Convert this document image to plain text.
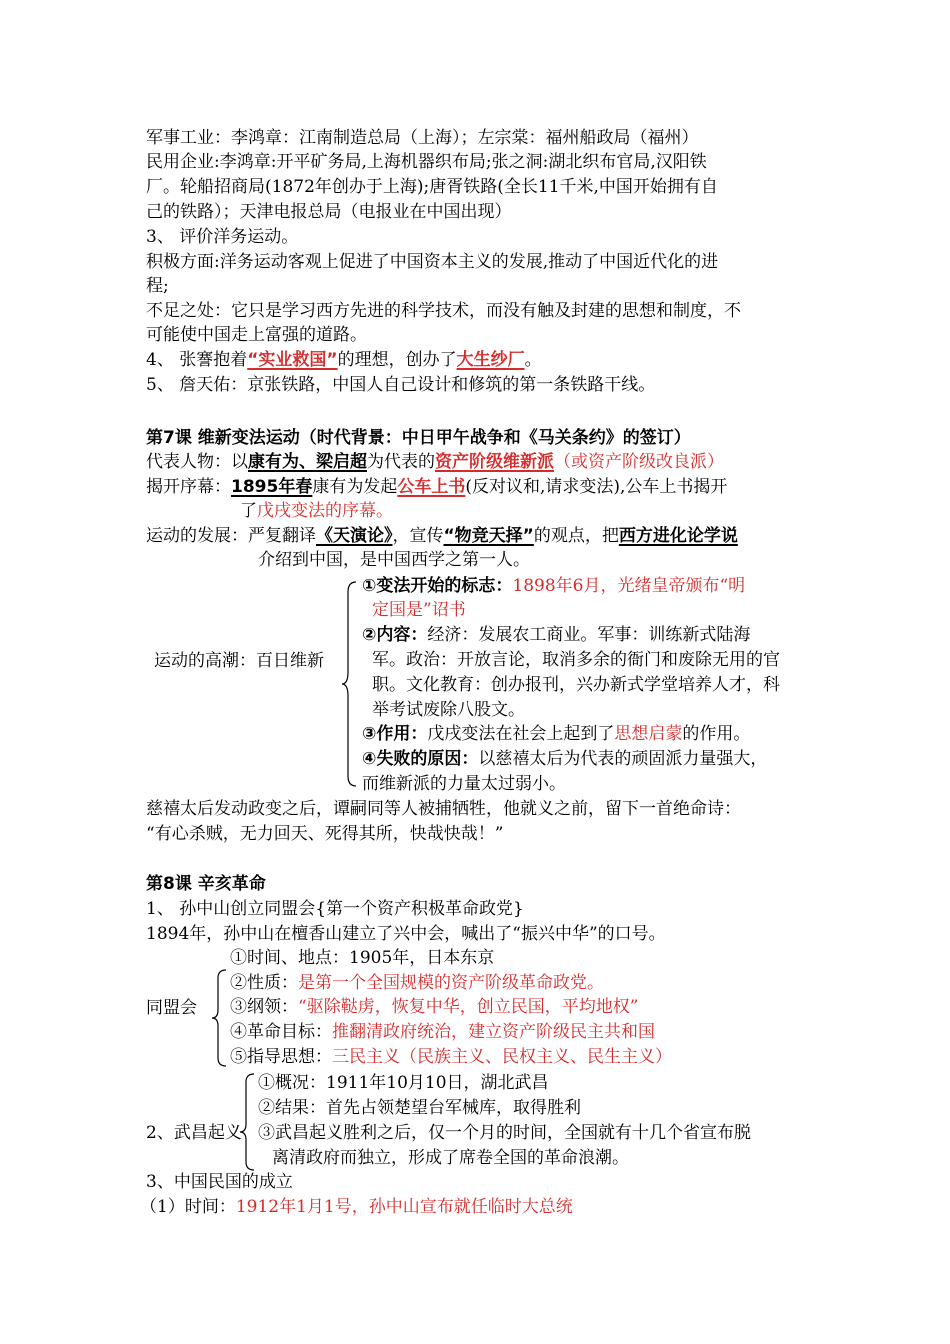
军事工业：李鸿章：江南制造总局（上海）；左宗棠：福州船政局（福州）
民用企业:李鸿章:开平矿务局,上海机器织布局;张之洞:湖北织布官局,汉阳铁
厂。轮船招商局(1872年创办于上海);唐胥铁路(全长11千米,中国开始拥有自
己的铁路）；天津电报总局（电报业在中国出现）
3、 评价洋务运动。
积极方面:洋务运动客观上促进了中国资本主义的发展,推动了中国近代化的进
程;
不足之处：它只是学习西方先进的科学技术，而没有触及封建的思想和制度，不
可能使中国走上富强的道路。
4、 张謇抱着“实业救国”的理想，创办了大生纱厂。
5、 詹天佑：京张铁路，中国人自己设计和修筑的第一条铁路干线。
第7课 维新变法运动（时代背景：中日甲午战争和《马关条约》的签订）
代表人物：以康有为、梁启超为代表的资产阶级维新派（或资产阶级改良派）
揭开序幕：1895年春康有为发起公车上书(反对议和,请求变法),公车上书揭开
了戊戌变法的序幕。
运动的发展：严复翻译《天演论》，宣传“物竞天择”的观点，把西方进化论学说
介绍到中国，是中国西学之第一人。
运动的高潮：百日维新
①变法开始的标志：1898年6月，光绪皇帝颁布“明
定国是”诏书
②内容：经济：发展农工商业。军事：训练新式陆海
军。政治：开放言论，取消多余的衙门和废除无用的官
职。文化教育：创办报刊，兴办新式学堂培养人才，科
举考试废除八股文。
③作用：戊戌变法在社会上起到了思想启蒙的作用。
④失败的原因：以慈禧太后为代表的顽固派力量强大，
而维新派的力量太过弱小。
慈禧太后发动政变之后，谭嗣同等人被捕牺牲，他就义之前，留下一首绝命诗：
“有心杀贼，无力回天、死得其所，快哉快哉！”
第8课 辛亥革命
1、 孙中山创立同盟会{第一个资产积极革命政党}
1894年，孙中山在檀香山建立了兴中会，喊出了“振兴中华”的口号。
同盟会
①时间、地点：1905年，日本东京
②性质：是第一个全国规模的资产阶级革命政党。
③纲领：“驱除鞑虏，恢复中华，创立民国，平均地权”
④革命目标：推翻清政府统治，建立资产阶级民主共和国
⑤指导思想：三民主义（民族主义、民权主义、民生主义）
2、武昌起义
①概况：1911年10月10日，湖北武昌
②结果：首先占领楚望台军械库，取得胜利
③武昌起义胜利之后，仅一个月的时间，全国就有十几个省宣布脱
离清政府而独立，形成了席卷全国的革命浪潮。
3、中国民国的成立
（1）时间：1912年1月1号，孙中山宣布就任临时大总统
